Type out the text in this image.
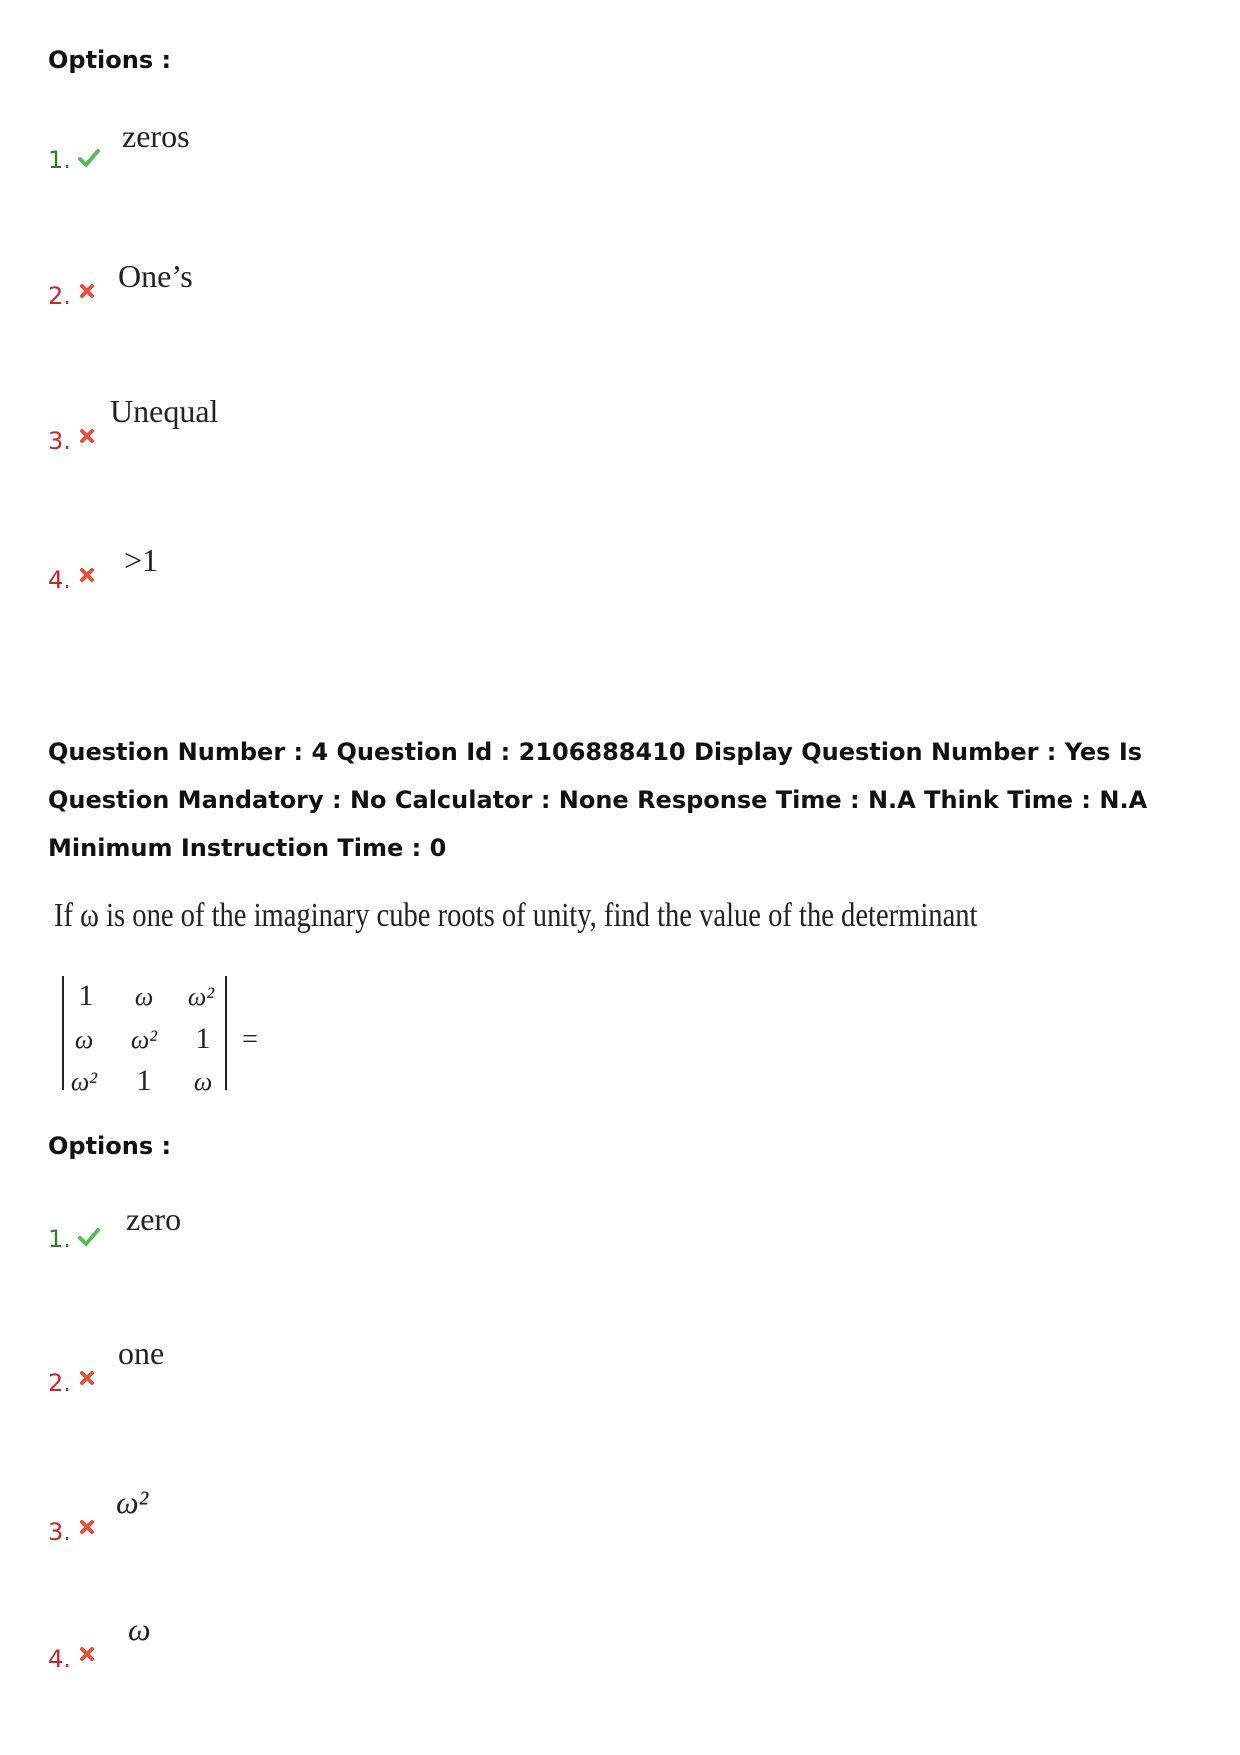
Options :
1.
zeros
2.
One’s
3.
Unequal
4.
>1
Question Number : 4 Question Id : 2106888410 Display Question Number : Yes Is Question Mandatory : No Calculator : None Response Time : N.A Think Time : N.A Minimum Instruction Time : 0
If ω is one of the imaginary cube roots of unity, find the value of the determinant
1 ω ω²
ω ω² 1
ω² 1 ω
=
Options :
1.
zero
2.
one
3.
ω²
4.
ω
